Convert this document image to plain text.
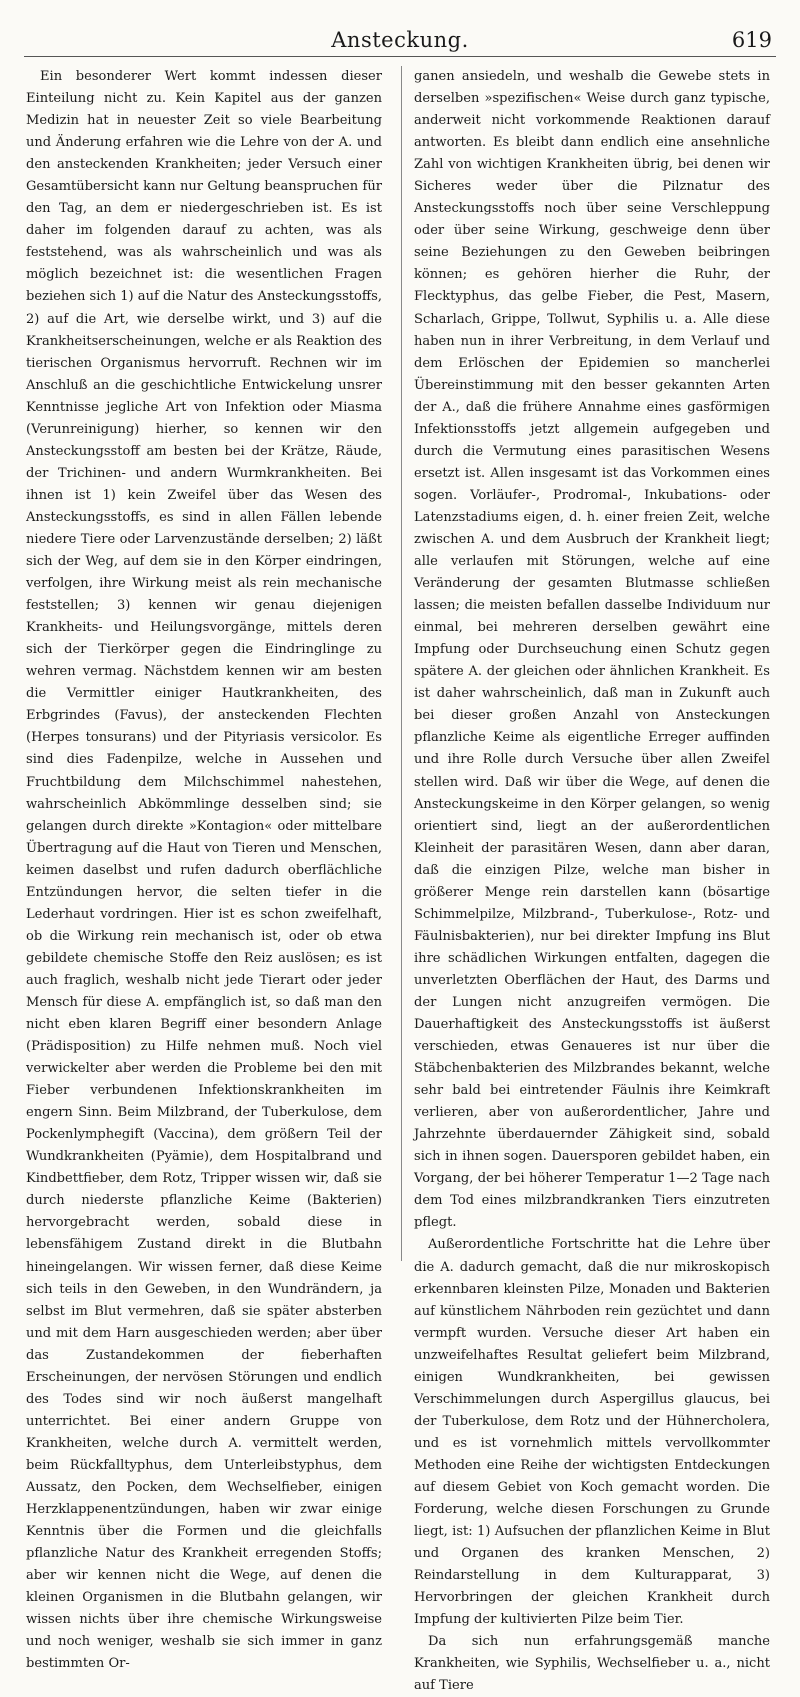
Ansteckung.	619

Ein besonderer Wert kommt indessen dieser Einteilung nicht zu. Kein Kapitel aus der ganzen Medizin hat in neuester Zeit so viele Bearbeitung und Änderung erfahren wie die Lehre von der A. und den ansteckenden Krankheiten; jeder Versuch einer Gesamtübersicht kann nur Geltung beanspruchen für den Tag, an dem er niedergeschrieben ist. Es ist daher im folgenden darauf zu achten, was als feststehend, was als wahrscheinlich und was als möglich bezeichnet ist: die wesentlichen Fragen beziehen sich 1) auf die Natur des Ansteckungsstoffs, 2) auf die Art, wie derselbe wirkt, und 3) auf die Krankheitserscheinungen, welche er als Reaktion des tierischen Organismus hervorruft. Rechnen wir im Anschluß an die geschichtliche Entwickelung unsrer Kenntnisse jegliche Art von Infektion oder Miasma (Verunreinigung) hierher, so kennen wir den Ansteckungsstoff am besten bei der Krätze, Räude, der Trichinen- und andern Wurmkrankheiten. Bei ihnen ist 1) kein Zweifel über das Wesen des Ansteckungsstoffs, es sind in allen Fällen lebende niedere Tiere oder Larvenzustände derselben; 2) läßt sich der Weg, auf dem sie in den Körper eindringen, verfolgen, ihre Wirkung meist als rein mechanische feststellen; 3) kennen wir genau diejenigen Krankheits- und Heilungsvorgänge, mittels deren sich der Tierkörper gegen die Eindringlinge zu wehren vermag. Nächstdem kennen wir am besten die Vermittler einiger Hautkrankheiten, des Erbgrindes (Favus), der ansteckenden Flechten (Herpes tonsurans) und der Pityriasis versicolor. Es sind dies Fadenpilze, welche in Aussehen und Fruchtbildung dem Milchschimmel nahestehen, wahrscheinlich Abkömmlinge desselben sind; sie gelangen durch direkte »Kontagion« oder mittelbare Übertragung auf die Haut von Tieren und Menschen, keimen daselbst und rufen dadurch oberflächliche Entzündungen hervor, die selten tiefer in die Lederhaut vordringen. Hier ist es schon zweifelhaft, ob die Wirkung rein mechanisch ist, oder ob etwa gebildete chemische Stoffe den Reiz auslösen; es ist auch fraglich, weshalb nicht jede Tierart oder jeder Mensch für diese A. empfänglich ist, so daß man den nicht eben klaren Begriff einer besondern Anlage (Prädisposition) zu Hilfe nehmen muß. Noch viel verwickelter aber werden die Probleme bei den mit Fieber verbundenen Infektionskrankheiten im engern Sinn. Beim Milzbrand, der Tuberkulose, dem Pockenlymphegift (Vaccina), dem größern Teil der Wundkrankheiten (Pyämie), dem Hospitalbrand und Kindbettfieber, dem Rotz, Tripper wissen wir, daß sie durch niederste pflanzliche Keime (Bakterien) hervorgebracht werden, sobald diese in lebensfähigem Zustand direkt in die Blutbahn hineingelangen. Wir wissen ferner, daß diese Keime sich teils in den Geweben, in den Wundrändern, ja selbst im Blut vermehren, daß sie später absterben und mit dem Harn ausgeschieden werden; aber über das Zustandekommen der fieberhaften Erscheinungen, der nervösen Störungen und endlich des Todes sind wir noch äußerst mangelhaft unterrichtet. Bei einer andern Gruppe von Krankheiten, welche durch A. vermittelt werden, beim Rückfalltyphus, dem Unterleibstyphus, dem Aussatz, den Pocken, dem Wechselfieber, einigen Herzklappenentzündungen, haben wir zwar einige Kenntnis über die Formen und die gleichfalls pflanzliche Natur des Krankheit erregenden Stoffs; aber wir kennen nicht die Wege, auf denen die kleinen Organismen in die Blutbahn gelangen, wir wissen nichts über ihre chemische Wirkungsweise und noch weniger, weshalb sie sich immer in ganz bestimmten Or-

ganen ansiedeln, und weshalb die Gewebe stets in derselben »spezifischen« Weise durch ganz typische, anderweit nicht vorkommende Reaktionen darauf antworten. Es bleibt dann endlich eine ansehnliche Zahl von wichtigen Krankheiten übrig, bei denen wir Sicheres weder über die Pilznatur des Ansteckungsstoffs noch über seine Verschleppung oder über seine Wirkung, geschweige denn über seine Beziehungen zu den Geweben beibringen können; es gehören hierher die Ruhr, der Flecktyphus, das gelbe Fieber, die Pest, Masern, Scharlach, Grippe, Tollwut, Syphilis u. a. Alle diese haben nun in ihrer Verbreitung, in dem Verlauf und dem Erlöschen der Epidemien so mancherlei Übereinstimmung mit den besser gekannten Arten der A., daß die frühere Annahme eines gasförmigen Infektionsstoffs jetzt allgemein aufgegeben und durch die Vermutung eines parasitischen Wesens ersetzt ist. Allen insgesamt ist das Vorkommen eines sogen. Vorläufer-, Prodromal-, Inkubations- oder Latenzstadiums eigen, d. h. einer freien Zeit, welche zwischen A. und dem Ausbruch der Krankheit liegt; alle verlaufen mit Störungen, welche auf eine Veränderung der gesamten Blutmasse schließen lassen; die meisten befallen dasselbe Individuum nur einmal, bei mehreren derselben gewährt eine Impfung oder Durchseuchung einen Schutz gegen spätere A. der gleichen oder ähnlichen Krankheit. Es ist daher wahrscheinlich, daß man in Zukunft auch bei dieser großen Anzahl von Ansteckungen pflanzliche Keime als eigentliche Erreger auffinden und ihre Rolle durch Versuche über allen Zweifel stellen wird. Daß wir über die Wege, auf denen die Ansteckungskeime in den Körper gelangen, so wenig orientiert sind, liegt an der außerordentlichen Kleinheit der parasitären Wesen, dann aber daran, daß die einzigen Pilze, welche man bisher in größerer Menge rein darstellen kann (bösartige Schimmelpilze, Milzbrand-, Tuberkulose-, Rotz- und Fäulnisbakterien), nur bei direkter Impfung ins Blut ihre schädlichen Wirkungen entfalten, dagegen die unverletzten Oberflächen der Haut, des Darms und der Lungen nicht anzugreifen vermögen. Die Dauerhaftigkeit des Ansteckungsstoffs ist äußerst verschieden, etwas Genaueres ist nur über die Stäbchenbakterien des Milzbrandes bekannt, welche sehr bald bei eintretender Fäulnis ihre Keimkraft verlieren, aber von außerordentlicher, Jahre und Jahrzehnte überdauernder Zähigkeit sind, sobald sich in ihnen sogen. Dauersporen gebildet haben, ein Vorgang, der bei höherer Temperatur 1—2 Tage nach dem Tod eines milzbrandkranken Tiers einzutreten pflegt.

Außerordentliche Fortschritte hat die Lehre über die A. dadurch gemacht, daß die nur mikroskopisch erkennbaren kleinsten Pilze, Monaden und Bakterien auf künstlichem Nährboden rein gezüchtet und dann vermpft wurden. Versuche dieser Art haben ein unzweifelhaftes Resultat geliefert beim Milzbrand, einigen Wundkrankheiten, bei gewissen Verschimmelungen durch Aspergillus glaucus, bei der Tuberkulose, dem Rotz und der Hühnercholera, und es ist vornehmlich mittels vervollkommter Methoden eine Reihe der wichtigsten Entdeckungen auf diesem Gebiet von Koch gemacht worden. Die Forderung, welche diesen Forschungen zu Grunde liegt, ist: 1) Aufsuchen der pflanzlichen Keime in Blut und Organen des kranken Menschen, 2) Reindarstellung in dem Kulturapparat, 3) Hervorbringen der gleichen Krankheit durch Impfung der kultivierten Pilze beim Tier.

Da sich nun erfahrungsgemäß manche Krankheiten, wie Syphilis, Wechselfieber u. a., nicht auf Tiere
